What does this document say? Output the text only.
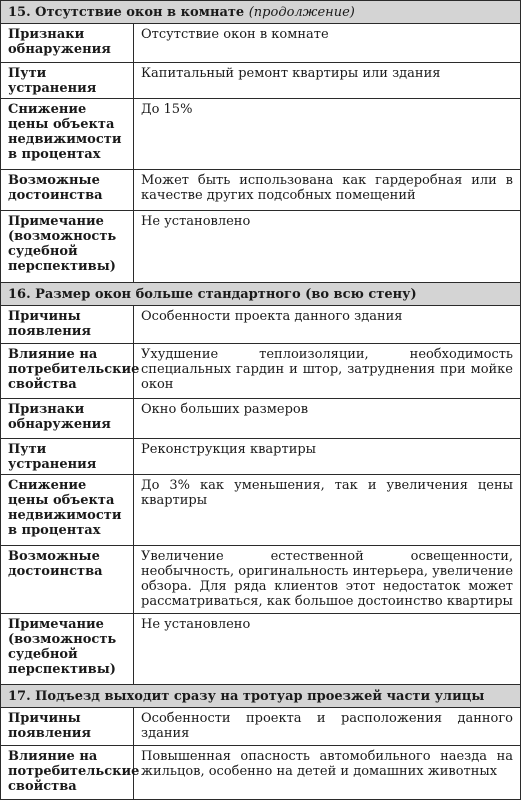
15. Отсутствие окон в комнате (продолжение)	
Признаки обнаружения	Отсутствие окон в комнате
Пути устранения	Капитальный ремонт квартиры или здания
Снижение цены объекта недвижимости в процентах	До 15%
Возможные достоинства	Может быть использована как гардеробная или в качестве других подсобных помещений
Примечание (возможность судебной перспективы)	Не установлено
16. Размер окон больше стандартного (во всю стену)	
Причины появления	Особенности проекта данного здания
Влияние на потребительские свойства	Ухудшение теплоизоляции, необходимость специальных гардин и штор, затруднения при мойке окон
Признаки обнаружения	Окно больших размеров
Пути устранения	Реконструкция квартиры
Снижение цены объекта недвижимости в процентах	До 3% как уменьшения, так и увеличения цены квартиры
Возможные достоинства	Увеличение естественной освещенности, необычность, оригинальность интерьера, увеличение обзора. Для ряда клиентов этот недостаток может рассматриваться, как большое достоинство квартиры
Примечание (возможность судебной перспективы)	Не установлено
17. Подъезд выходит сразу на тротуар проезжей части улицы	
Причины появления	Особенности проекта и расположения данного здания
Влияние на потребительские свойства	Повышенная опасность автомобильного наезда на жильцов, особенно на детей и домашних животных
